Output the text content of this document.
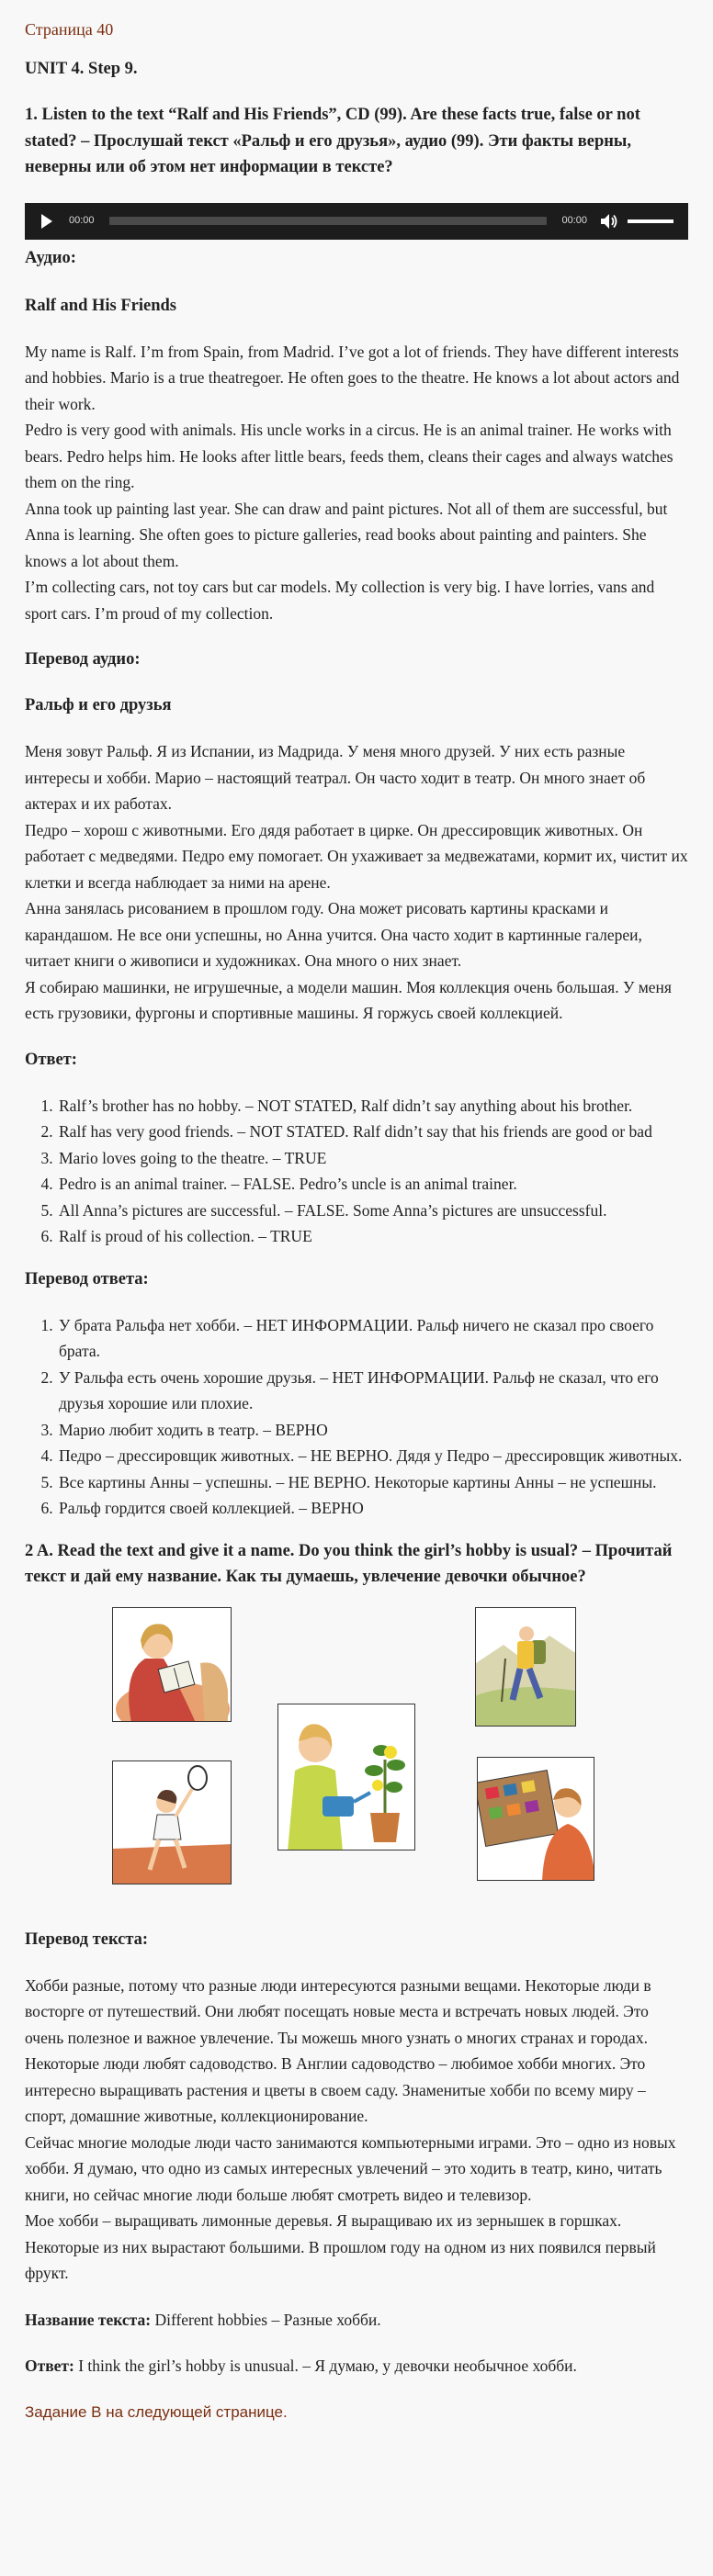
Страница 40
UNIT 4. Step 9.
1. Listen to the text “Ralf and His Friends”, CD (99). Are these facts true, false or not stated? – Прослушай текст «Ральф и его друзья», аудио (99). Эти факты верны, неверны или об этом нет информации в тексте?
00:00	00:00
Аудио:
Ralf and His Friends

My name is Ralf. I’m from Spain, from Madrid. I’ve got a lot of friends. They have different interests and hobbies. Mario is a true theatregoer. He often goes to the theatre. He knows a lot about actors and their work.
Pedro is very good with animals. His uncle works in a circus. He is an animal trainer. He works with bears. Pedro helps him. He looks after little bears, feeds them, cleans their cages and always watches them on the ring.
Anna took up painting last year. She can draw and paint pictures. Not all of them are successful, but Anna is learning. She often goes to picture galleries, read books about painting and painters. She knows a lot about them.
I’m collecting cars, not toy cars but car models. My collection is very big. I have lorries, vans and sport cars. I’m proud of my collection.

Перевод аудио:
Ральф и его друзья

Меня зовут Ральф. Я из Испании, из Мадрида. У меня много друзей. У них есть разные интересы и хобби. Марио – настоящий театрал. Он часто ходит в театр. Он много знает об актерах и их работах.
Педро – хорош с животными. Его дядя работает в цирке. Он дрессировщик животных. Он работает с медведями. Педро ему помогает. Он ухаживает за медвежатами, кормит их, чистит их клетки и всегда наблюдает за ними на арене.
Анна занялась рисованием в прошлом году. Она может рисовать картины красками и карандашом. Не все они успешны, но Анна учится. Она часто ходит в картинные галереи, читает книги о живописи и художниках. Она много о них знает.
Я собираю машинки, не игрушечные, а модели машин. Моя коллекция очень большая. У меня есть грузовики, фургоны и спортивные машины. Я горжусь своей коллекцией.

Ответ:
1. Ralf’s brother has no hobby. – NOT STATED, Ralf didn’t say anything about his brother.
2. Ralf has very good friends. – NOT STATED. Ralf didn’t say that his friends are good or bad
3. Mario loves going to the theatre. – TRUE
4. Pedro is an animal trainer. – FALSE. Pedro’s uncle is an animal trainer.
5. All Anna’s pictures are successful. – FALSE. Some Anna’s pictures are unsuccessful.
6. Ralf is proud of his collection. – TRUE
Перевод ответа:
1. У брата Ральфа нет хобби. – НЕТ ИНФОРМАЦИИ. Ральф ничего не сказал про своего брата.
2. У Ральфа есть очень хорошие друзья. – НЕТ ИНФОРМАЦИИ. Ральф не сказал, что его друзья хорошие или плохие.
3. Марио любит ходить в театр. – ВЕРНО
4. Педро – дрессировщик животных. – НЕ ВЕРНО. Дядя у Педро – дрессировщик животных.
5. Все картины Анны – успешны. – НЕ ВЕРНО. Некоторые картины Анны – не успешны.
6. Ральф гордится своей коллекцией. – ВЕРНО
2 A. Read the text and give it a name. Do you think the girl’s hobby is usual? – Прочитай текст и дай ему название. Как ты думаешь, увлечение девочки обычное?
Перевод текста:

Хобби разные, потому что разные люди интересуются разными вещами. Некоторые люди в восторге от путешествий. Они любят посещать новые места и встречать новых людей. Это очень полезное и важное увлечение. Ты можешь много узнать о многих странах и городах.
Некоторые люди любят садоводство. В Англии садоводство – любимое хобби многих. Это интересно выращивать растения и цветы в своем саду. Знаменитые хобби по всему миру – спорт, домашние животные, коллекционирование.
Сейчас многие молодые люди часто занимаются компьютерными играми. Это – одно из новых хобби. Я думаю, что одно из самых интересных увлечений – это ходить в театр, кино, читать книги, но сейчас многие люди больше любят смотреть видео и телевизор.
Мое хобби – выращивать лимонные деревья. Я выращиваю их из зернышек в горшках. Некоторые из них вырастают большими. В прошлом году на одном из них появился первый фрукт.

Название текста: Different hobbies – Разные хобби.

Ответ: I think the girl’s hobby is unusual. – Я думаю, у девочки необычное хобби.

Задание B на следующей странице.
